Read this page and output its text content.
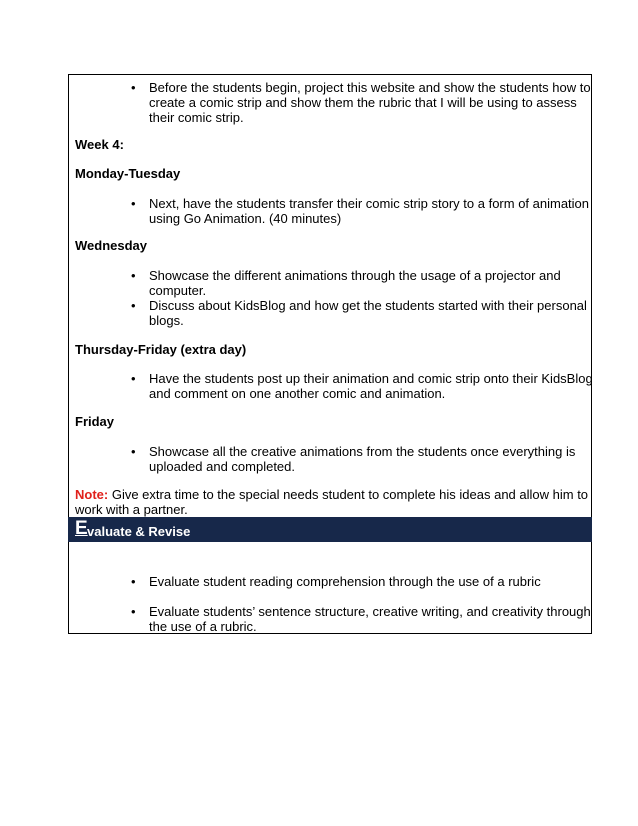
• Before the students begin, project this website and show the students how to
create a comic strip and show them the rubric that I will be using to assess
their comic strip.
Week 4:
Monday-Tuesday
• Next, have the students transfer their comic strip story to a form of animation
using Go Animation. (40 minutes)
Wednesday
• Showcase the different animations through the usage of a projector and
computer.
• Discuss about KidsBlog and how get the students started with their personal
blogs.
Thursday-Friday (extra day)
• Have the students post up their animation and comic strip onto their KidsBlog
and comment on one another comic and animation.
Friday
• Showcase all the creative animations from the students once everything is
uploaded and completed.
Note: Give extra time to the special needs student to complete his ideas and allow him to
work with a partner.
E valuate & Revise
• Evaluate student reading comprehension through the use of a rubric
• Evaluate students’ sentence structure, creative writing, and creativity through
the use of a rubric.
